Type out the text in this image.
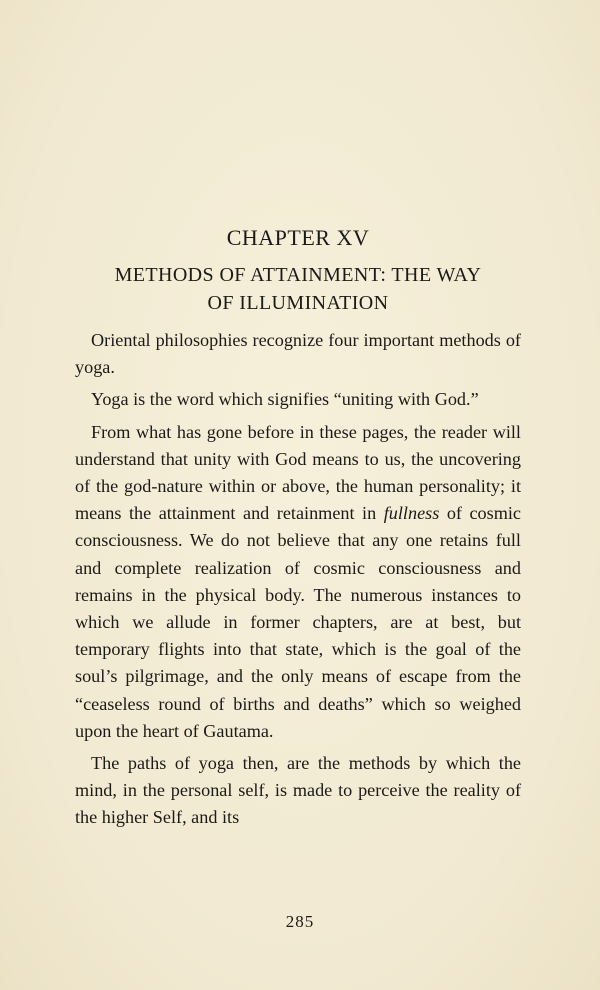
CHAPTER XV
METHODS OF ATTAINMENT: THE WAY
OF ILLUMINATION

Oriental philosophies recognize four important methods of yoga.

Yoga is the word which signifies “uniting with God.”

From what has gone before in these pages, the reader will understand that unity with God means to us, the uncovering of the god-nature within or above, the human personality; it means the attainment and retainment in fullness of cosmic consciousness. We do not believe that any one retains full and complete realization of cosmic consciousness and remains in the physical body. The numerous instances to which we allude in former chapters, are at best, but temporary flights into that state, which is the goal of the soul’s pilgrimage, and the only means of escape from the “ceaseless round of births and deaths” which so weighed upon the heart of Gautama.

The paths of yoga then, are the methods by which the mind, in the personal self, is made to perceive the reality of the higher Self, and its

285
